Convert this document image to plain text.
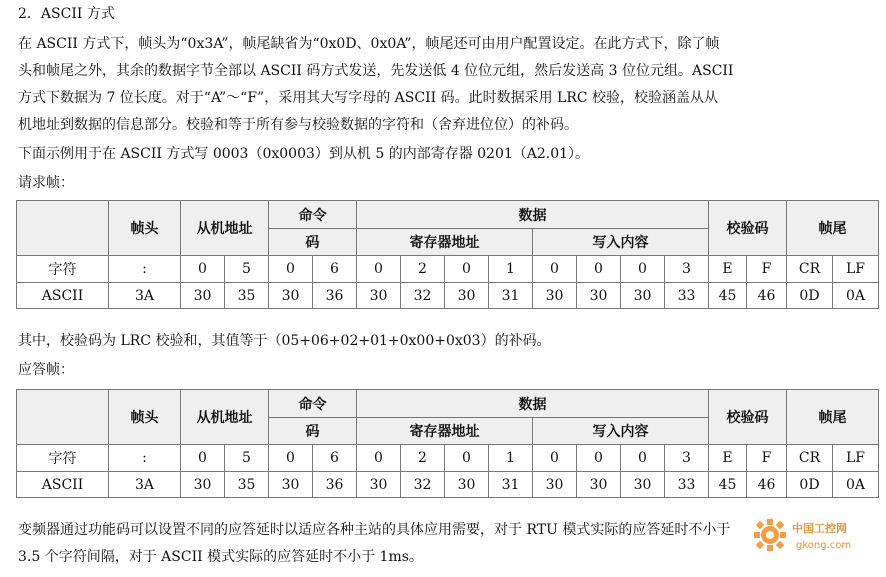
2．ASCII 方式
在 ASCII 方式下，帧头为“0x3A”，帧尾缺省为“0x0D、0x0A”，帧尾还可由用户配置设定。在此方式下，除了帧
头和帧尾之外，其余的数据字节全部以 ASCII 码方式发送，先发送低 4 位位元组，然后发送高 3 位位元组。ASCII
方式下数据为 7 位长度。对于“A”～“F”，采用其大写字母的 ASCII 码。此时数据采用 LRC 校验，校验涵盖从从
机地址到数据的信息部分。校验和等于所有参与校验数据的字符和（舍弃进位位）的补码。
下面示例用于在 ASCII 方式写 0003（0x0003）到从机 5 的内部寄存器 0201（A2.01）。
请求帧：
	帧头	从机地址		命令		数据								校验码		帧尾	
				码		寄存器地址				写入内容							
字符	:	0	5	0	6	0	2	0	1	0	0	0	3	E	F	CR	LF
ASCII	3A	30	35	30	36	30	32	30	31	30	30	30	33	45	46	0D	0A
其中，校验码为 LRC 校验和，其值等于（05+06+02+01+0x00+0x03）的补码。
应答帧：
	帧头	从机地址		命令		数据								校验码		帧尾	
				码		寄存器地址				写入内容							
字符	:	0	5	0	6	0	2	0	1	0	0	0	3	E	F	CR	LF
ASCII	3A	30	35	30	36	30	32	30	31	30	30	30	33	45	46	0D	0A
变频器通过功能码可以设置不同的应答延时以适应各种主站的具体应用需要，对于 RTU 模式实际的应答延时不小于
3.5 个字符间隔，对于 ASCII 模式实际的应答延时不小于 1ms。
中国工控网
gkong.com
